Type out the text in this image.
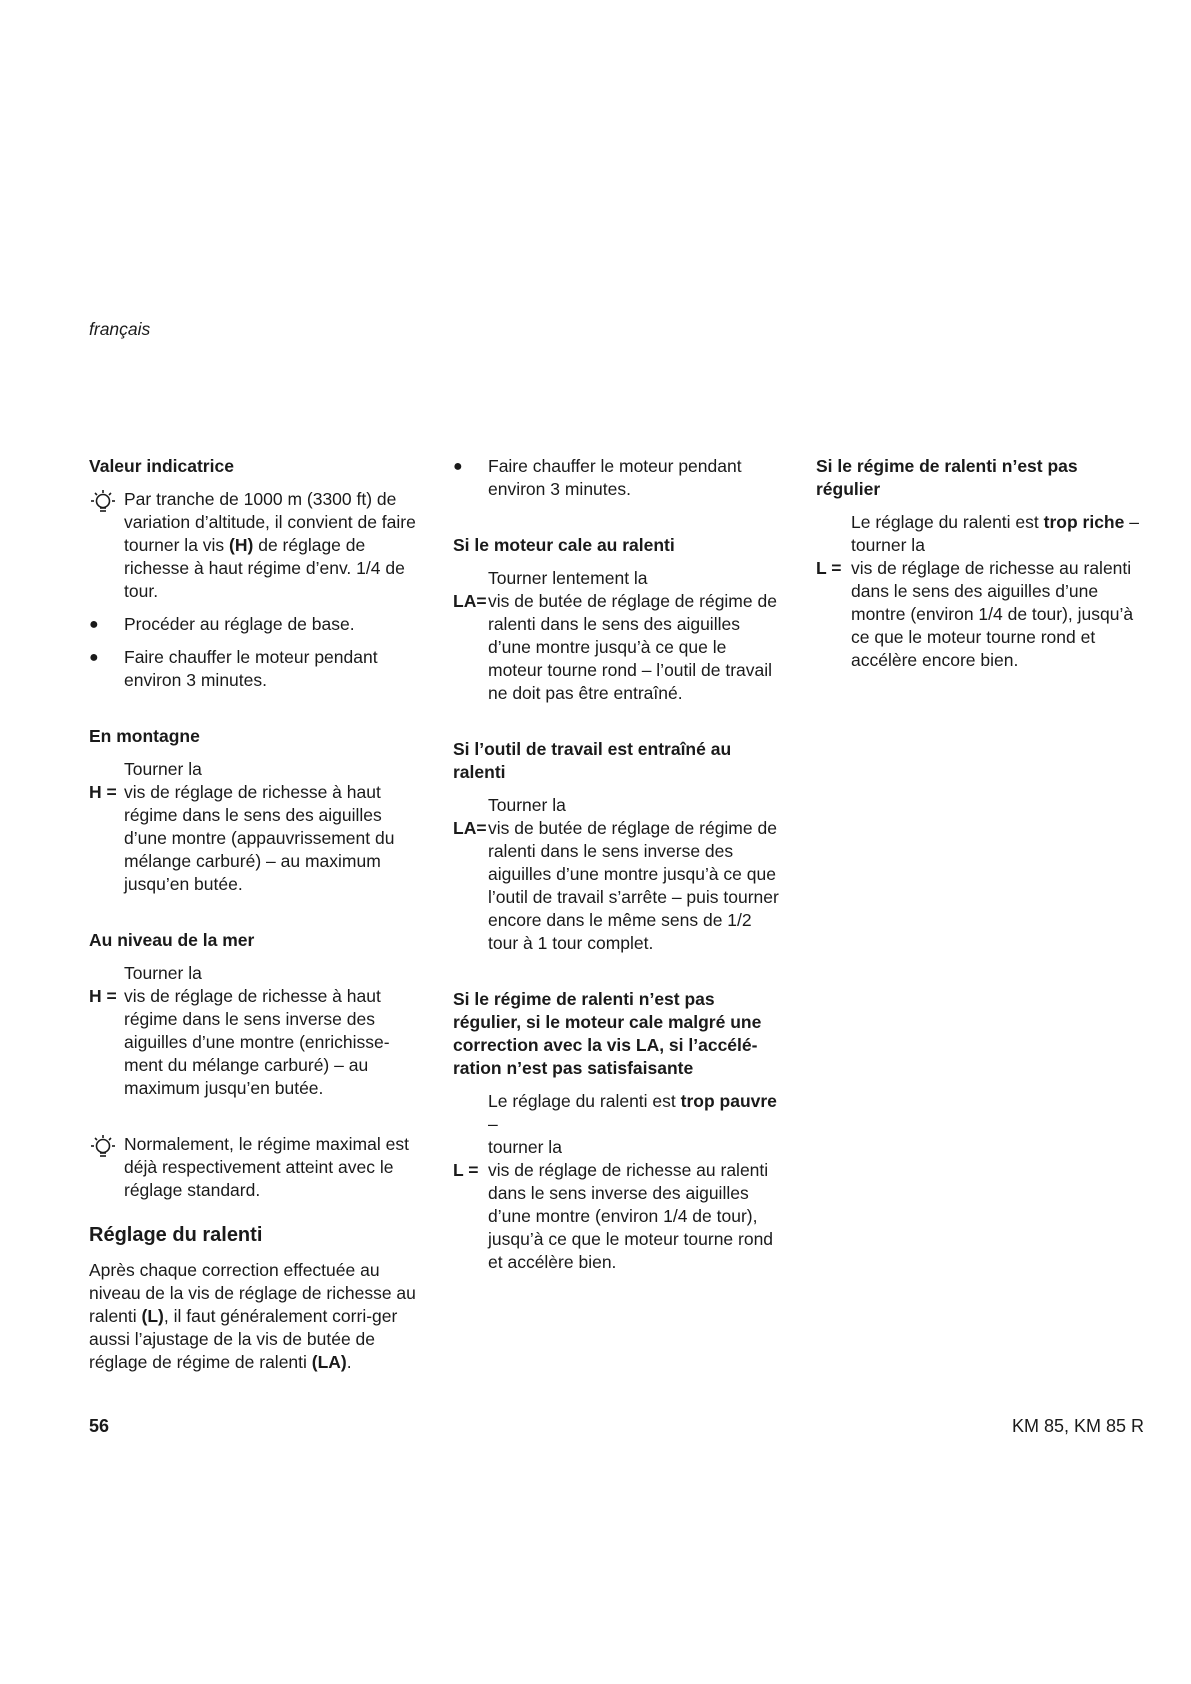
français
Valeur indicatrice
Par tranche de 1000 m (3300 ft) de variation d’altitude, il convient de faire tourner la vis (H) de réglage de richesse à haut régime d’env. 1/4 de tour.
●	Procéder au réglage de base.
●	Faire chauffer le moteur pendant environ 3 minutes.
En montagne
Tourner la
H = vis de réglage de richesse à haut régime dans le sens des aiguilles d’une montre (appauvrissement du mélange carburé) – au maximum jusqu’en butée.
Au niveau de la mer
Tourner la
H = vis de réglage de richesse à haut régime dans le sens inverse des aiguilles d’une montre (enrichisse-ment du mélange carburé) – au maximum jusqu’en butée.
Normalement, le régime maximal est déjà respectivement atteint avec le réglage standard.
Réglage du ralenti
Après chaque correction effectuée au niveau de la vis de réglage de richesse au ralenti (L), il faut généralement corri-ger aussi l’ajustage de la vis de butée de réglage de régime de ralenti (LA).
●	Faire chauffer le moteur pendant environ 3 minutes.
Si le moteur cale au ralenti
Tourner lentement la
LA= vis de butée de réglage de régime de ralenti dans le sens des aiguilles d’une montre jusqu’à ce que le moteur tourne rond – l’outil de travail ne doit pas être entraîné.
Si l’outil de travail est entraîné au ralenti
Tourner la
LA= vis de butée de réglage de régime de ralenti dans le sens inverse des aiguilles d’une montre jusqu’à ce que l’outil de travail s’arrête – puis tourner encore dans le même sens de 1/2 tour à 1 tour complet.
Si le régime de ralenti n’est pas régulier, si le moteur cale malgré une correction avec la vis LA, si l’accélé-ration n’est pas satisfaisante
Le réglage du ralenti est trop pauvre –
tourner la
L = vis de réglage de richesse au ralenti dans le sens inverse des aiguilles d’une montre (environ 1/4 de tour), jusqu’à ce que le moteur tourne rond et accélère bien.
Si le régime de ralenti n’est pas régulier
Le réglage du ralenti est trop riche –
tourner la
L = vis de réglage de richesse au ralenti dans le sens des aiguilles d’une montre (environ 1/4 de tour), jusqu’à ce que le moteur tourne rond et accélère encore bien.
56	KM 85, KM 85 R
